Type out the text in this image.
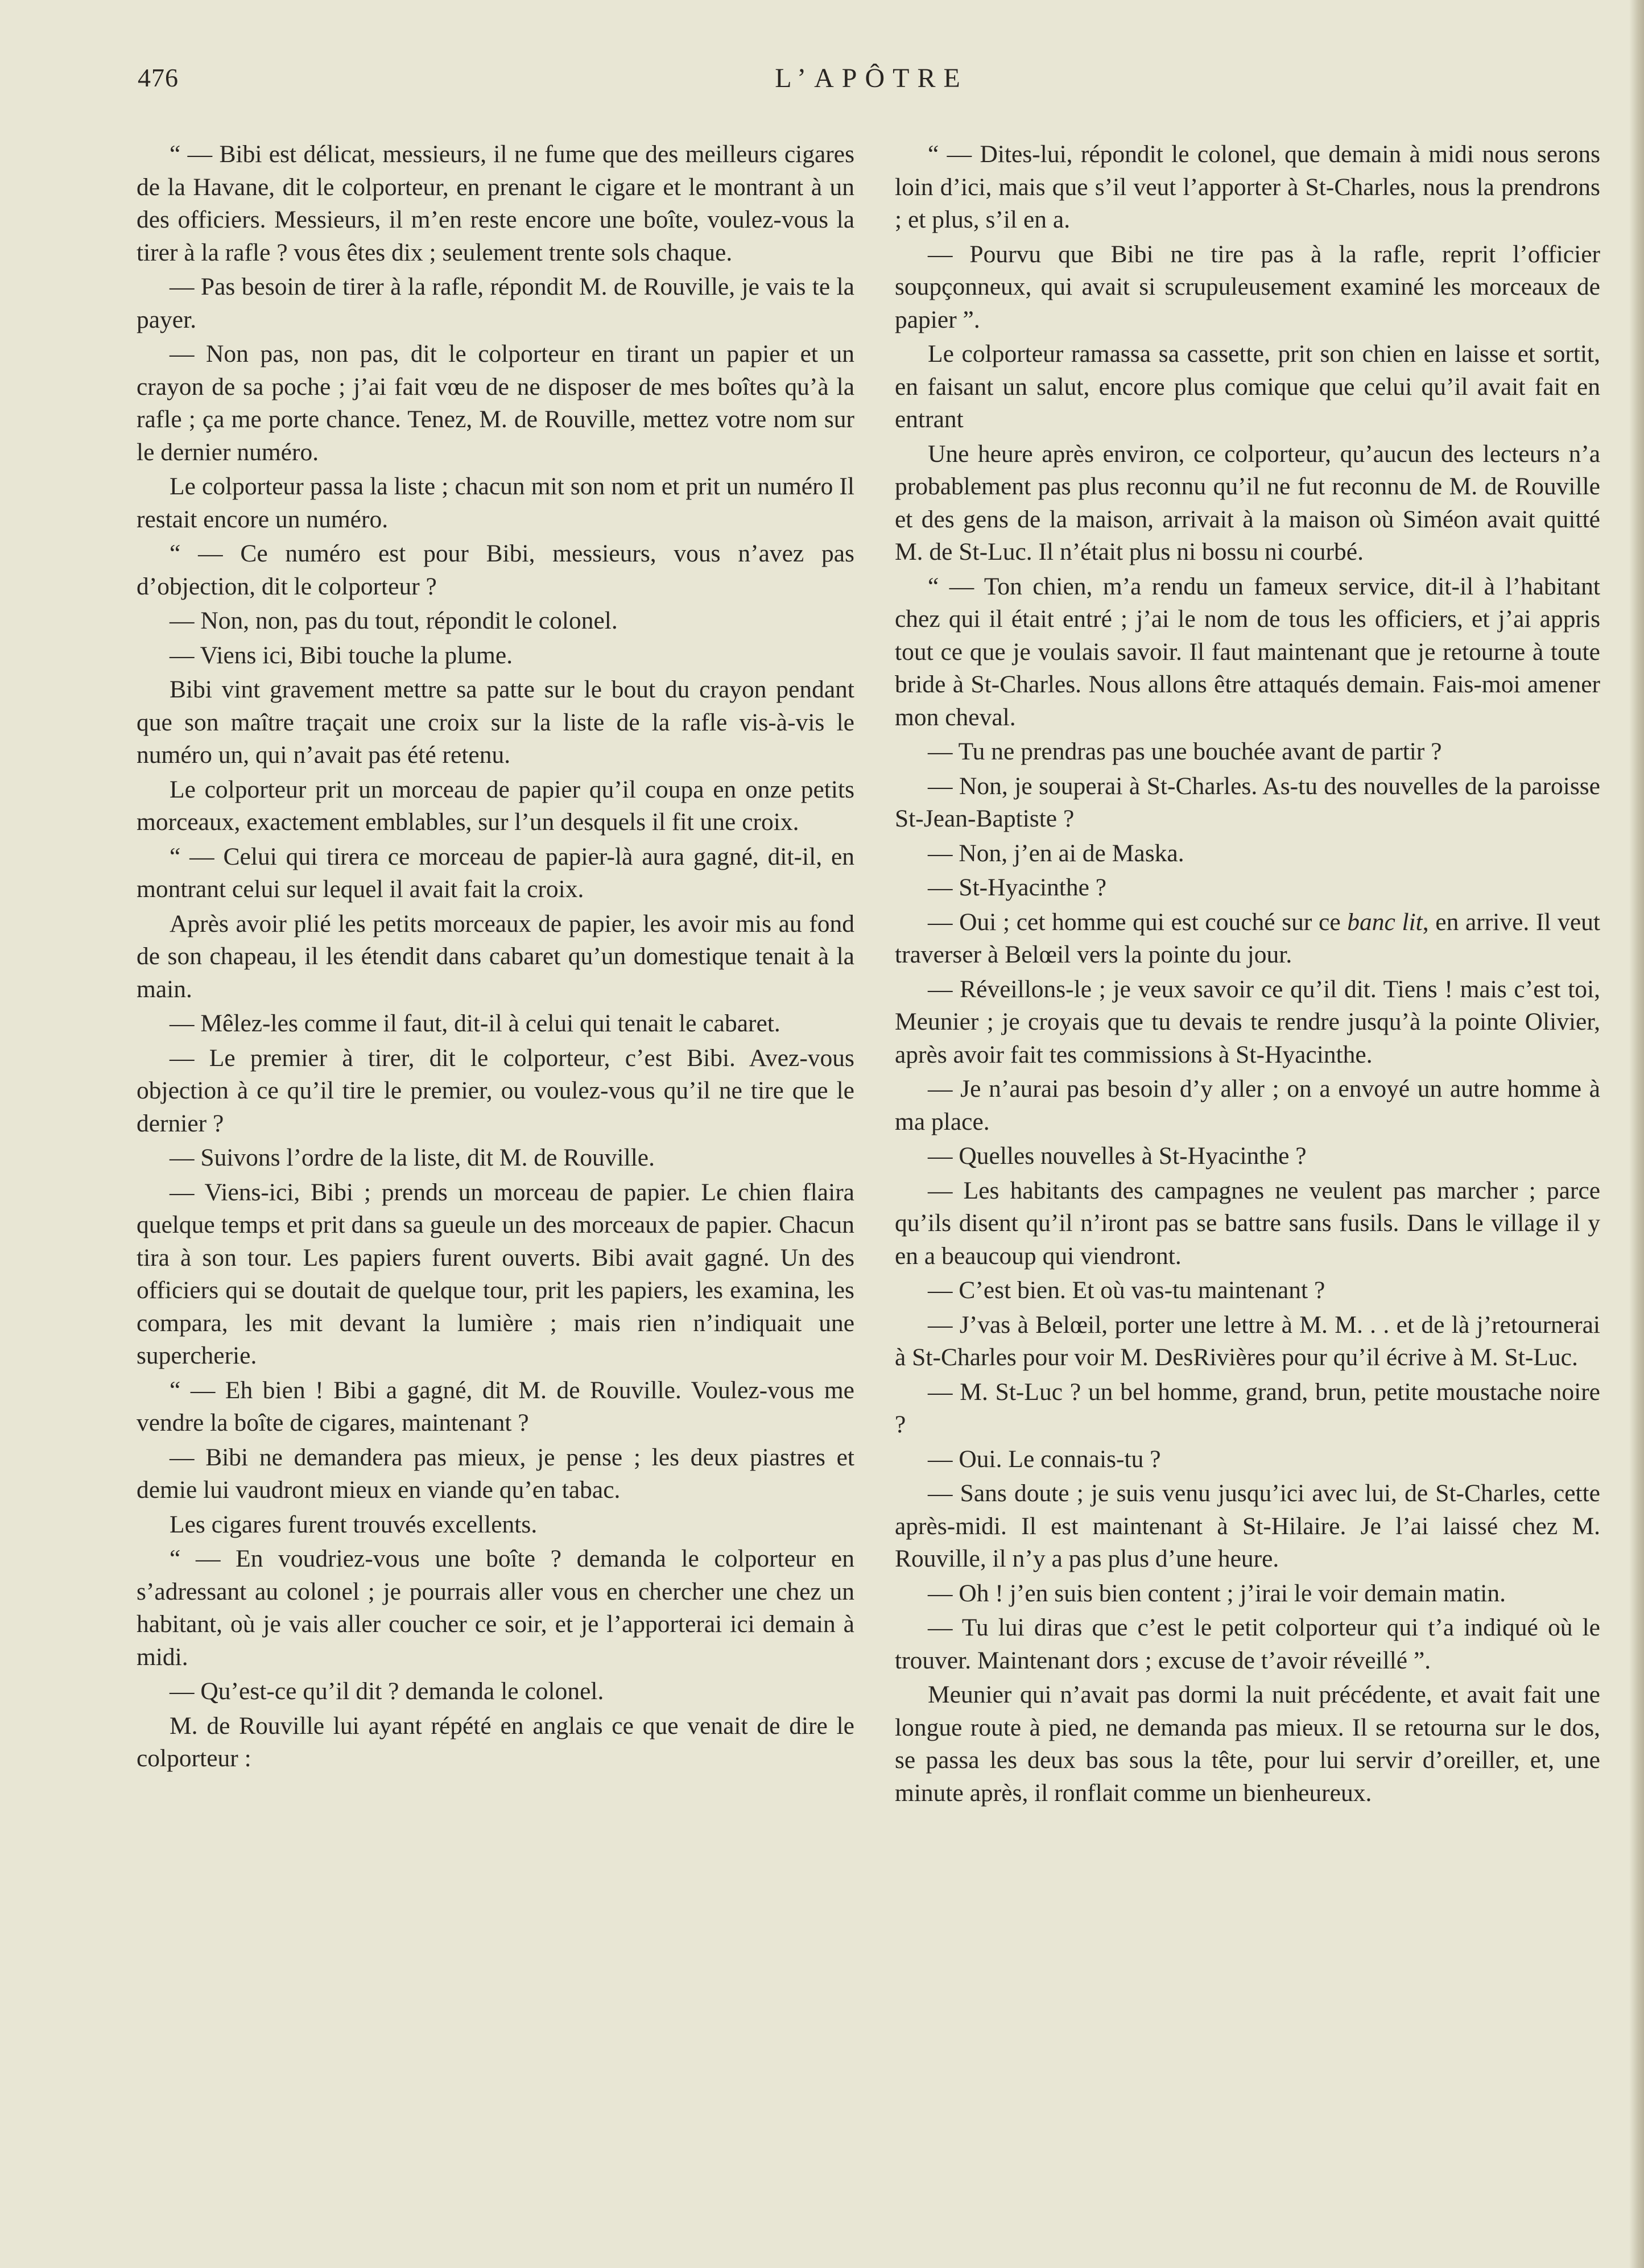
476	L’APÔTRE

“ — Bibi est délicat, messieurs, il ne fume que des meilleurs cigares de la Havane, dit le colporteur, en prenant le cigare et le montrant à un des officiers. Messieurs, il m’en reste encore une boîte, voulez-vous la tirer à la rafle ? vous êtes dix ; seulement trente sols chaque.

— Pas besoin de tirer à la rafle, répondit M. de Rouville, je vais te la payer.

— Non pas, non pas, dit le colporteur en tirant un papier et un crayon de sa poche ; j’ai fait vœu de ne disposer de mes boîtes qu’à la rafle ; ça me porte chance. Tenez, M. de Rouville, mettez votre nom sur le dernier numéro.

Le colporteur passa la liste ; chacun mit son nom et prit un numéro Il restait encore un numéro.

“ — Ce numéro est pour Bibi, messieurs, vous n’avez pas d’objection, dit le colporteur ?

— Non, non, pas du tout, répondit le colonel.

— Viens ici, Bibi touche la plume.

Bibi vint gravement mettre sa patte sur le bout du crayon pendant que son maître traçait une croix sur la liste de la rafle vis-à-vis le numéro un, qui n’avait pas été retenu.

Le colporteur prit un morceau de papier qu’il coupa en onze petits morceaux, exactement emblables, sur l’un desquels il fit une croix.

“ — Celui qui tirera ce morceau de papier-là aura gagné, dit-il, en montrant celui sur lequel il avait fait la croix.

Après avoir plié les petits morceaux de papier, les avoir mis au fond de son chapeau, il les étendit dans cabaret qu’un domestique tenait à la main.

— Mêlez-les comme il faut, dit-il à celui qui tenait le cabaret.

— Le premier à tirer, dit le colporteur, c’est Bibi. Avez-vous objection à ce qu’il tire le premier, ou voulez-vous qu’il ne tire que le dernier ?

— Suivons l’ordre de la liste, dit M. de Rouville.

— Viens-ici, Bibi ; prends un morceau de papier. Le chien flaira quelque temps et prit dans sa gueule un des morceaux de papier. Chacun tira à son tour. Les papiers furent ouverts. Bibi avait gagné. Un des officiers qui se doutait de quelque tour, prit les papiers, les examina, les compara, les mit devant la lumière ; mais rien n’indiquait une supercherie.

“ — Eh bien ! Bibi a gagné, dit M. de Rouville. Voulez-vous me vendre la boîte de cigares, maintenant ?

— Bibi ne demandera pas mieux, je pense ; les deux piastres et demie lui vaudront mieux en viande qu’en tabac.

Les cigares furent trouvés excellents.

“ — En voudriez-vous une boîte ? demanda le colporteur en s’adressant au colonel ; je pourrais aller vous en chercher une chez un habitant, où je vais aller coucher ce soir, et je l’apporterai ici demain à midi.

— Qu’est-ce qu’il dit ? demanda le colonel.

M. de Rouville lui ayant répété en anglais ce que venait de dire le colporteur :

“ — Dites-lui, répondit le colonel, que demain à midi nous serons loin d’ici, mais que s’il veut l’apporter à St-Charles, nous la prendrons ; et plus, s’il en a.

— Pourvu que Bibi ne tire pas à la rafle, reprit l’officier soupçonneux, qui avait si scrupuleusement examiné les morceaux de papier ”.

Le colporteur ramassa sa cassette, prit son chien en laisse et sortit, en faisant un salut, encore plus comique que celui qu’il avait fait en entrant

Une heure après environ, ce colporteur, qu’aucun des lecteurs n’a probablement pas plus reconnu qu’il ne fut reconnu de M. de Rouville et des gens de la maison, arrivait à la maison où Siméon avait quitté M. de St-Luc. Il n’était plus ni bossu ni courbé.

“ — Ton chien, m’a rendu un fameux service, dit-il à l’habitant chez qui il était entré ; j’ai le nom de tous les officiers, et j’ai appris tout ce que je voulais savoir. Il faut maintenant que je retourne à toute bride à St-Charles. Nous allons être attaqués demain. Fais-moi amener mon cheval.

— Tu ne prendras pas une bouchée avant de partir ?

— Non, je souperai à St-Charles. As-tu des nouvelles de la paroisse St-Jean-Baptiste ?

— Non, j’en ai de Maska.

— St-Hyacinthe ?

— Oui ; cet homme qui est couché sur ce banc lit, en arrive. Il veut traverser à Belœil vers la pointe du jour.

— Réveillons-le ; je veux savoir ce qu’il dit. Tiens ! mais c’est toi, Meunier ; je croyais que tu devais te rendre jusqu’à la pointe Olivier, après avoir fait tes commissions à St-Hyacinthe.

— Je n’aurai pas besoin d’y aller ; on a envoyé un autre homme à ma place.

— Quelles nouvelles à St-Hyacinthe ?

— Les habitants des campagnes ne veulent pas marcher ; parce qu’ils disent qu’il n’iront pas se battre sans fusils. Dans le village il y en a beaucoup qui viendront.

— C’est bien. Et où vas-tu maintenant ?

— J’vas à Belœil, porter une lettre à M. M. . . et de là j’retournerai à St-Charles pour voir M. DesRivières pour qu’il écrive à M. St-Luc.

— M. St-Luc ? un bel homme, grand, brun, petite moustache noire ?

— Oui. Le connais-tu ?

— Sans doute ; je suis venu jusqu’ici avec lui, de St-Charles, cette après-midi. Il est maintenant à St-Hilaire. Je l’ai laissé chez M. Rouville, il n’y a pas plus d’une heure.

— Oh ! j’en suis bien content ; j’irai le voir demain matin.

— Tu lui diras que c’est le petit colporteur qui t’a indiqué où le trouver. Maintenant dors ; excuse de t’avoir réveillé ”.

Meunier qui n’avait pas dormi la nuit précédente, et avait fait une longue route à pied, ne demanda pas mieux. Il se retourna sur le dos, se passa les deux bas sous la tête, pour lui servir d’oreiller, et, une minute après, il ronflait comme un bienheureux.
